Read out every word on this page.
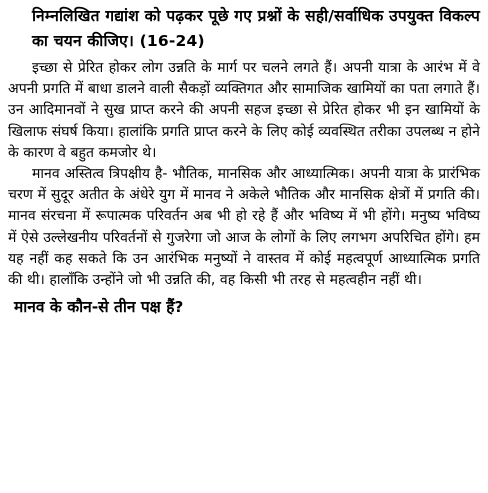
निम्नलिखित गद्यांश को पढ़कर पूछे गए प्रश्नों के सही/सर्वाधिक उपयुक्त विकल्प का चयन कीजिए। (16-24)

इच्छा से प्रेरित होकर लोग उन्नति के मार्ग पर चलने लगते हैं। अपनी यात्रा के आरंभ में वे अपनी प्रगति में बाधा डालने वाली सैकड़ों व्यक्तिगत और सामाजिक खामियों का पता लगाते हैं। उन आदिमानवों ने सुख प्राप्त करने की अपनी सहज इच्छा से प्रेरित होकर भी इन खामियों के खिलाफ संघर्ष किया। हालांकि प्रगति प्राप्त करने के लिए कोई व्यवस्थित तरीका उपलब्ध न होने के कारण वे बहुत कमजोर थे।

मानव अस्तित्व त्रिपक्षीय है- भौतिक, मानसिक और आध्यात्मिक। अपनी यात्रा के प्रारंभिक चरण में सुदूर अतीत के अंधेरे युग में मानव ने अकेले भौतिक और मानसिक क्षेत्रों में प्रगति की। मानव संरचना में रूपात्मक परिवर्तन अब भी हो रहे हैं और भविष्य में भी होंगे। मनुष्य भविष्य में ऐसे उल्लेखनीय परिवर्तनों से गुजरेगा जो आज के लोगों के लिए लगभग अपरिचित होंगे। हम यह नहीं कह सकते कि उन आरंभिक मनुष्यों ने वास्तव में कोई महत्वपूर्ण आध्यात्मिक प्रगति की थी। हालाँकि उन्होंने जो भी उन्नति की, वह किसी भी तरह से महत्वहीन नहीं थी।

मानव के कौन-से तीन पक्ष हैं?
